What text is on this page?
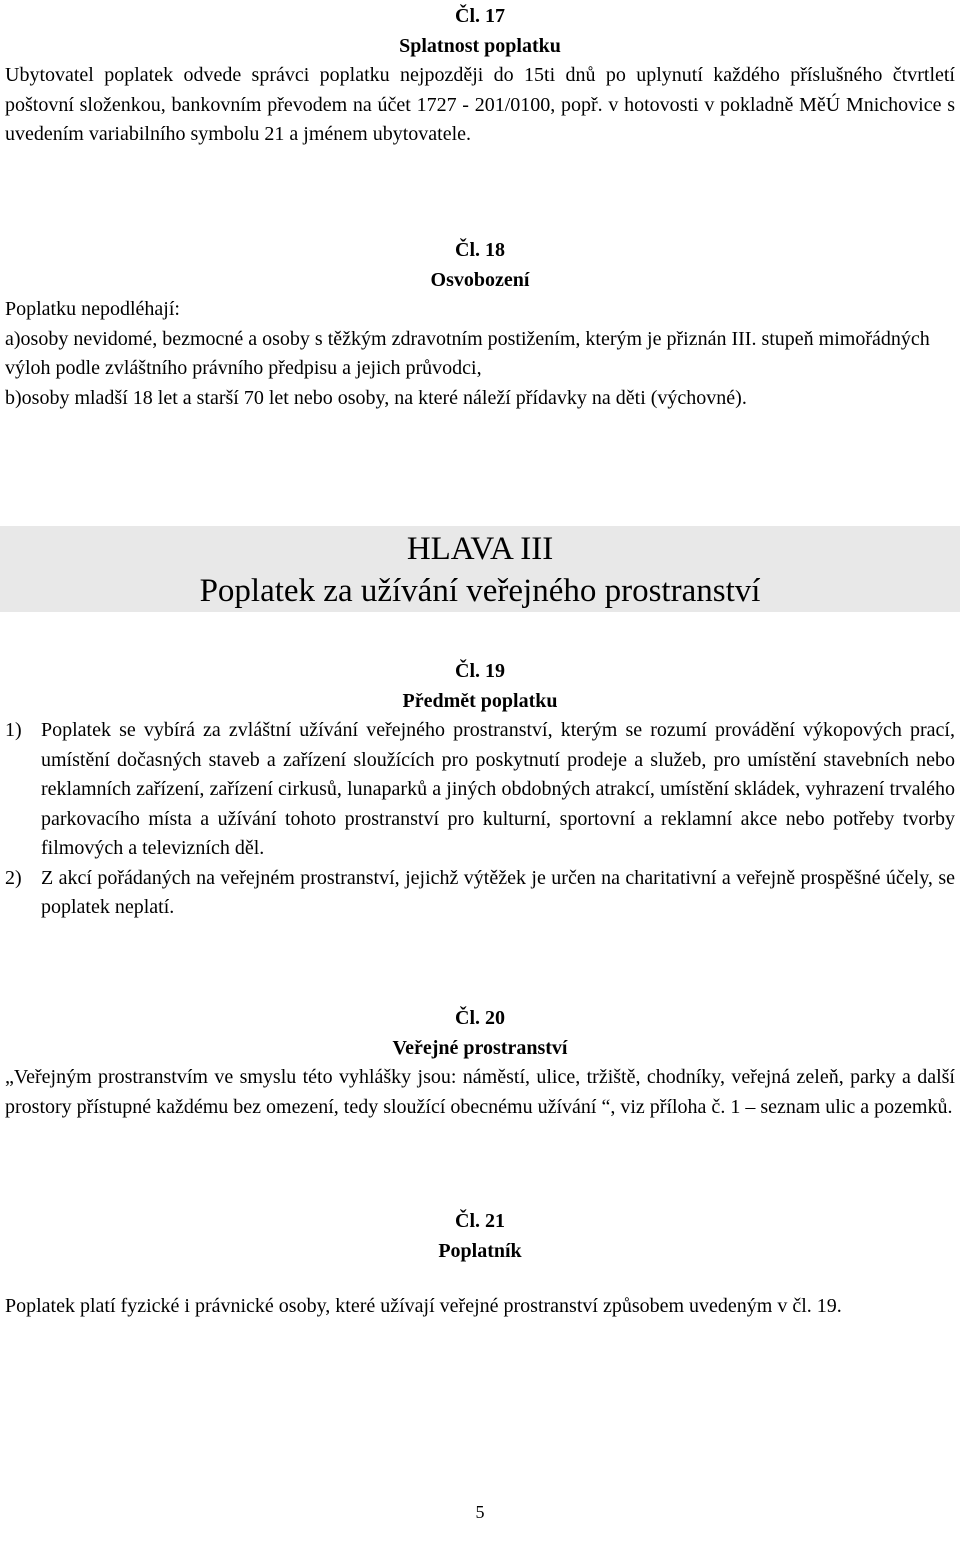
Čl. 17

Splatnost poplatku

Ubytovatel poplatek odvede správci poplatku nejpozději do 15ti dnů po uplynutí každého příslušného čtvrtletí poštovní složenkou, bankovním převodem na účet 1727 - 201/0100, popř. v hotovosti v pokladně MěÚ Mnichovice s uvedením variabilního symbolu 21 a jménem ubytovatele.

Čl. 18

Osvobození

Poplatku nepodléhají:

a)osoby nevidomé, bezmocné a osoby s těžkým zdravotním postižením, kterým je přiznán III. stupeň mimořádných výloh podle zvláštního právního předpisu a jejich průvodci,

b)osoby mladší 18 let a starší 70 let nebo osoby, na které náleží přídavky na děti (výchovné).

HLAVA III
Poplatek za užívání veřejného prostranství

Čl. 19

Předmět poplatku

1) Poplatek se vybírá za zvláštní užívání veřejného prostranství, kterým se rozumí provádění výkopových prací, umístění dočasných staveb a zařízení sloužících pro poskytnutí prodeje a služeb, pro umístění stavebních nebo reklamních zařízení, zařízení cirkusů, lunaparků a jiných obdobných atrakcí, umístění skládek, vyhrazení trvalého parkovacího místa a užívání tohoto prostranství pro kulturní, sportovní a reklamní akce nebo potřeby tvorby filmových a televizních děl.
2) Z akcí pořádaných na veřejném prostranství, jejichž výtěžek je určen na charitativní a veřejně prospěšné účely, se poplatek neplatí.

Čl. 20

Veřejné prostranství

„Veřejným prostranstvím ve smyslu této vyhlášky jsou: náměstí, ulice, tržiště, chodníky, veřejná zeleň, parky a další prostory přístupné každému bez omezení, tedy sloužící obecnému užívání “, viz příloha č. 1 – seznam ulic a pozemků.

Čl. 21

Poplatník

Poplatek platí fyzické i právnické osoby, které užívají veřejné prostranství způsobem uvedeným v čl. 19.

5
